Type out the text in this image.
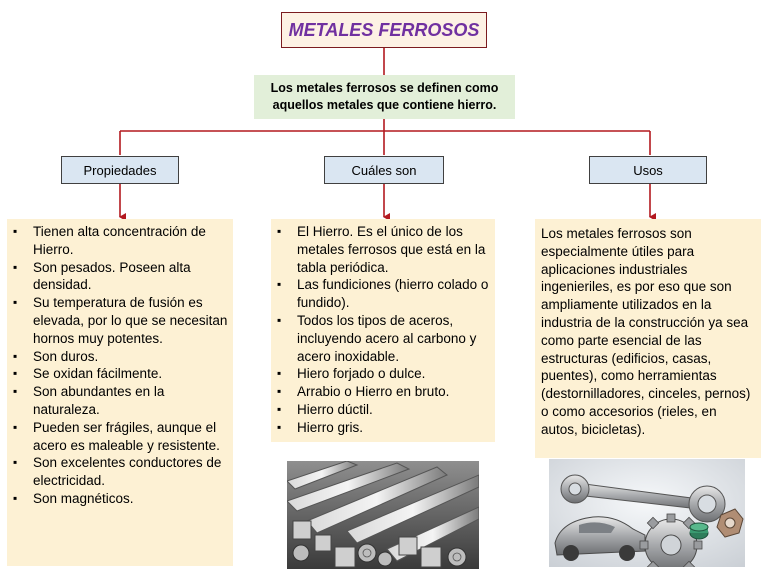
METALES FERROSOS
Los metales ferrosos se definen como aquellos metales que contiene hierro.
Propiedades	Cuáles son	Usos
▪ Tienen alta concentración de Hierro.
▪ Son pesados. Poseen alta densidad.
▪ Su temperatura de fusión es elevada, por lo que se necesitan hornos muy potentes.
▪ Son duros.
▪ Se oxidan fácilmente.
▪ Son abundantes en la naturaleza.
▪ Pueden ser frágiles, aunque el acero es maleable y resistente.
▪ Son excelentes conductores de electricidad.
▪ Son magnéticos.
▪ El Hierro. Es el único de los metales ferrosos que está en la tabla periódica.
▪ Las fundiciones (hierro colado o fundido).
▪ Todos los tipos de aceros, incluyendo acero al carbono y acero inoxidable.
▪ Hiero forjado o dulce.
▪ Arrabio o Hierro en bruto.
▪ Hierro dúctil.
▪ Hierro gris.
Los metales ferrosos son especialmente útiles para aplicaciones industriales ingenieriles, es por eso que son ampliamente utilizados en la industria de la construcción ya sea como parte esencial de las estructuras (edificios, casas, puentes), como herramientas (destornilladores, cinceles, pernos) o como accesorios (rieles, en autos, bicicletas).
